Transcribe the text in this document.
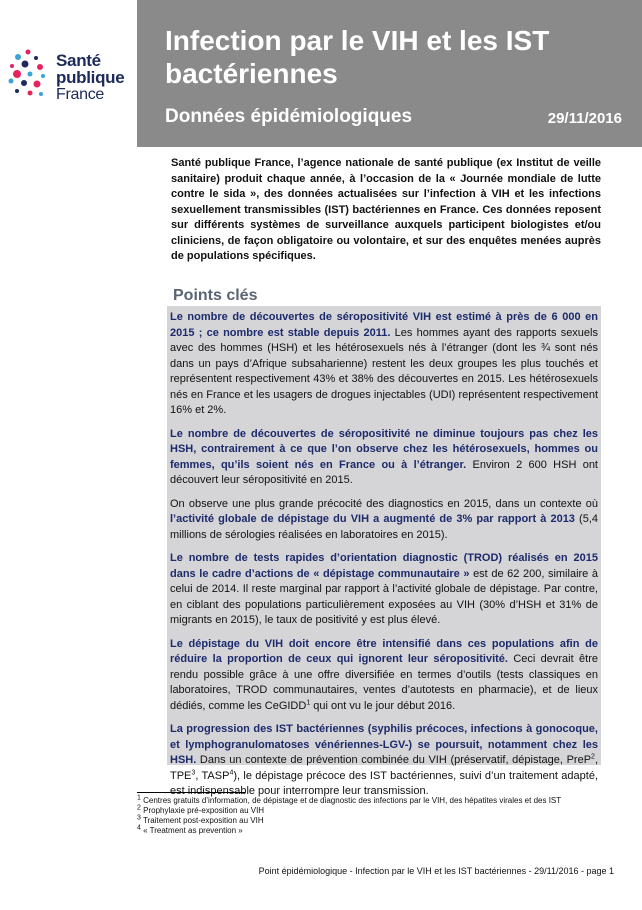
Santé
publique
France
Infection par le VIH et les IST bactériennes
Données épidémiologiques	29/11/2016
Santé publique France, l’agence nationale de santé publique (ex Institut de veille sanitaire) produit chaque année, à l’occasion de la « Journée mondiale de lutte contre le sida », des données actualisées sur l’infection à VIH et les infections sexuellement transmissibles (IST) bactériennes en France. Ces données reposent sur différents systèmes de surveillance auxquels participent biologistes et/ou cliniciens, de façon obligatoire ou volontaire, et sur des enquêtes menées auprès de populations spécifiques.
Points clés

Le nombre de découvertes de séropositivité VIH est estimé à près de 6 000 en 2015 ; ce nombre est stable depuis 2011. Les hommes ayant des rapports sexuels avec des hommes (HSH) et les hétérosexuels nés à l’étranger (dont les ¾ sont nés dans un pays d’Afrique subsaharienne) restent les deux groupes les plus touchés et représentent respectivement 43% et 38% des découvertes en 2015. Les hétérosexuels nés en France et les usagers de drogues injectables (UDI) représentent respectivement 16% et 2%.

Le nombre de découvertes de séropositivité ne diminue toujours pas chez les HSH, contrairement à ce que l’on observe chez les hétérosexuels, hommes ou femmes, qu’ils soient nés en France ou à l’étranger. Environ 2 600 HSH ont découvert leur séropositivité en 2015.

On observe une plus grande précocité des diagnostics en 2015, dans un contexte où l’activité globale de dépistage du VIH a augmenté de 3% par rapport à 2013 (5,4 millions de sérologies réalisées en laboratoires en 2015).

Le nombre de tests rapides d’orientation diagnostic (TROD) réalisés en 2015 dans le cadre d’actions de « dépistage communautaire » est de 62 200, similaire à celui de 2014. Il reste marginal par rapport à l’activité globale de dépistage. Par contre, en ciblant des populations particulièrement exposées au VIH (30% d’HSH et 31% de migrants en 2015), le taux de positivité y est plus élevé.

Le dépistage du VIH doit encore être intensifié dans ces populations afin de réduire la proportion de ceux qui ignorent leur séropositivité. Ceci devrait être rendu possible grâce à une offre diversifiée en termes d’outils (tests classiques en laboratoires, TROD communautaires, ventes d’autotests en pharmacie), et de lieux dédiés, comme les CeGIDD$^1$ qui ont vu le jour début 2016.

La progression des IST bactériennes (syphilis précoces, infections à gonocoque, et lymphogranulomatoses vénériennes-LGV-) se poursuit, notamment chez les HSH. Dans un contexte de prévention combinée du VIH (préservatif, dépistage, PreP$^2$, TPE$^3$, TASP$^4$), le dépistage précoce des IST bactériennes, suivi d’un traitement adapté, est indispensable pour interrompre leur transmission.

$^1$ Centres gratuits d’information, de dépistage et de diagnostic des infections par le VIH, des hépatites virales et des IST
$^2$ Prophylaxie pré-exposition au VIH
$^3$ Traitement post-exposition au VIH
$^4$ « Treatment as prevention »
Point épidémiologique - Infection par le VIH et les IST bactériennes - 29/11/2016 - page 1
